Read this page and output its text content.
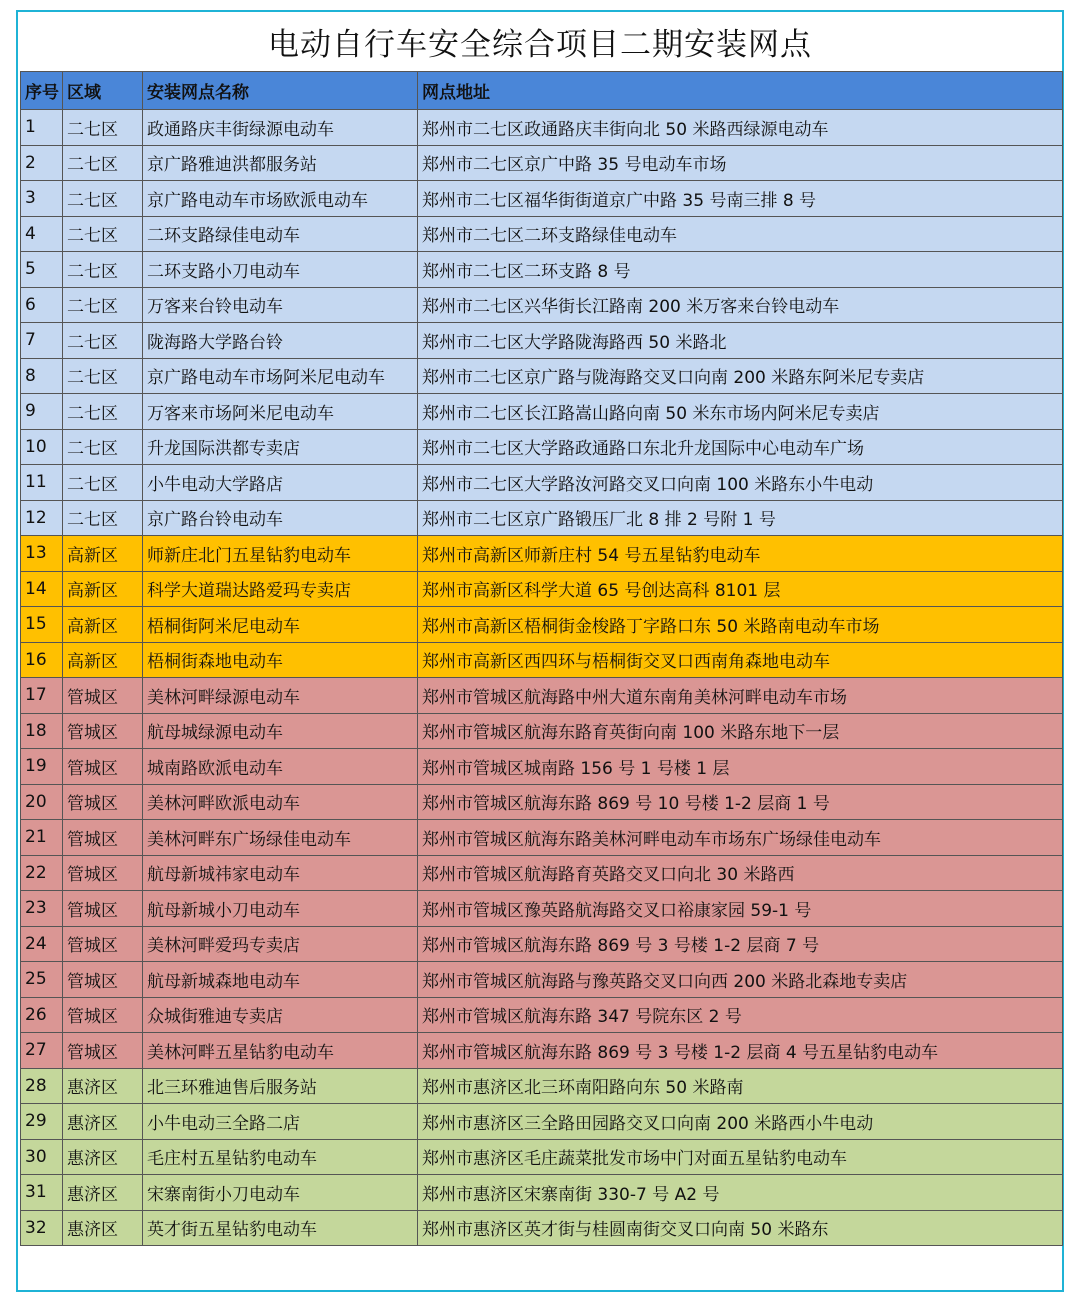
电动自行车安全综合项目二期安装网点
序号	区域	安装网点名称	网点地址
1	二七区	政通路庆丰街绿源电动车	郑州市二七区政通路庆丰街向北 50 米路西绿源电动车
2	二七区	京广路雅迪洪都服务站	郑州市二七区京广中路 35 号电动车市场
3	二七区	京广路电动车市场欧派电动车	郑州市二七区福华街街道京广中路 35 号南三排 8 号
4	二七区	二环支路绿佳电动车	郑州市二七区二环支路绿佳电动车
5	二七区	二环支路小刀电动车	郑州市二七区二环支路 8 号
6	二七区	万客来台铃电动车	郑州市二七区兴华街长江路南 200 米万客来台铃电动车
7	二七区	陇海路大学路台铃	郑州市二七区大学路陇海路西 50 米路北
8	二七区	京广路电动车市场阿米尼电动车	郑州市二七区京广路与陇海路交叉口向南 200 米路东阿米尼专卖店
9	二七区	万客来市场阿米尼电动车	郑州市二七区长江路嵩山路向南 50 米东市场内阿米尼专卖店
10	二七区	升龙国际洪都专卖店	郑州市二七区大学路政通路口东北升龙国际中心电动车广场
11	二七区	小牛电动大学路店	郑州市二七区大学路汝河路交叉口向南 100 米路东小牛电动
12	二七区	京广路台铃电动车	郑州市二七区京广路锻压厂北 8 排 2 号附 1 号
13	高新区	师新庄北门五星钻豹电动车	郑州市高新区师新庄村 54 号五星钻豹电动车
14	高新区	科学大道瑞达路爱玛专卖店	郑州市高新区科学大道 65 号创达高科 8101 层
15	高新区	梧桐街阿米尼电动车	郑州市高新区梧桐街金梭路丁字路口东 50 米路南电动车市场
16	高新区	梧桐街森地电动车	郑州市高新区西四环与梧桐街交叉口西南角森地电动车
17	管城区	美林河畔绿源电动车	郑州市管城区航海路中州大道东南角美林河畔电动车市场
18	管城区	航母城绿源电动车	郑州市管城区航海东路育英街向南 100 米路东地下一层
19	管城区	城南路欧派电动车	郑州市管城区城南路 156 号 1 号楼 1 层
20	管城区	美林河畔欧派电动车	郑州市管城区航海东路 869 号 10 号楼 1-2 层商 1 号
21	管城区	美林河畔东广场绿佳电动车	郑州市管城区航海东路美林河畔电动车市场东广场绿佳电动车
22	管城区	航母新城祎家电动车	郑州市管城区航海路育英路交叉口向北 30 米路西
23	管城区	航母新城小刀电动车	郑州市管城区豫英路航海路交叉口裕康家园 59-1 号
24	管城区	美林河畔爱玛专卖店	郑州市管城区航海东路 869 号 3 号楼 1-2 层商 7 号
25	管城区	航母新城森地电动车	郑州市管城区航海路与豫英路交叉口向西 200 米路北森地专卖店
26	管城区	众城街雅迪专卖店	郑州市管城区航海东路 347 号院东区 2 号
27	管城区	美林河畔五星钻豹电动车	郑州市管城区航海东路 869 号 3 号楼 1-2 层商 4 号五星钻豹电动车
28	惠济区	北三环雅迪售后服务站	郑州市惠济区北三环南阳路向东 50 米路南
29	惠济区	小牛电动三全路二店	郑州市惠济区三全路田园路交叉口向南 200 米路西小牛电动
30	惠济区	毛庄村五星钻豹电动车	郑州市惠济区毛庄蔬菜批发市场中门对面五星钻豹电动车
31	惠济区	宋寨南街小刀电动车	郑州市惠济区宋寨南街 330-7 号 A2 号
32	惠济区	英才街五星钻豹电动车	郑州市惠济区英才街与桂圆南街交叉口向南 50 米路东
